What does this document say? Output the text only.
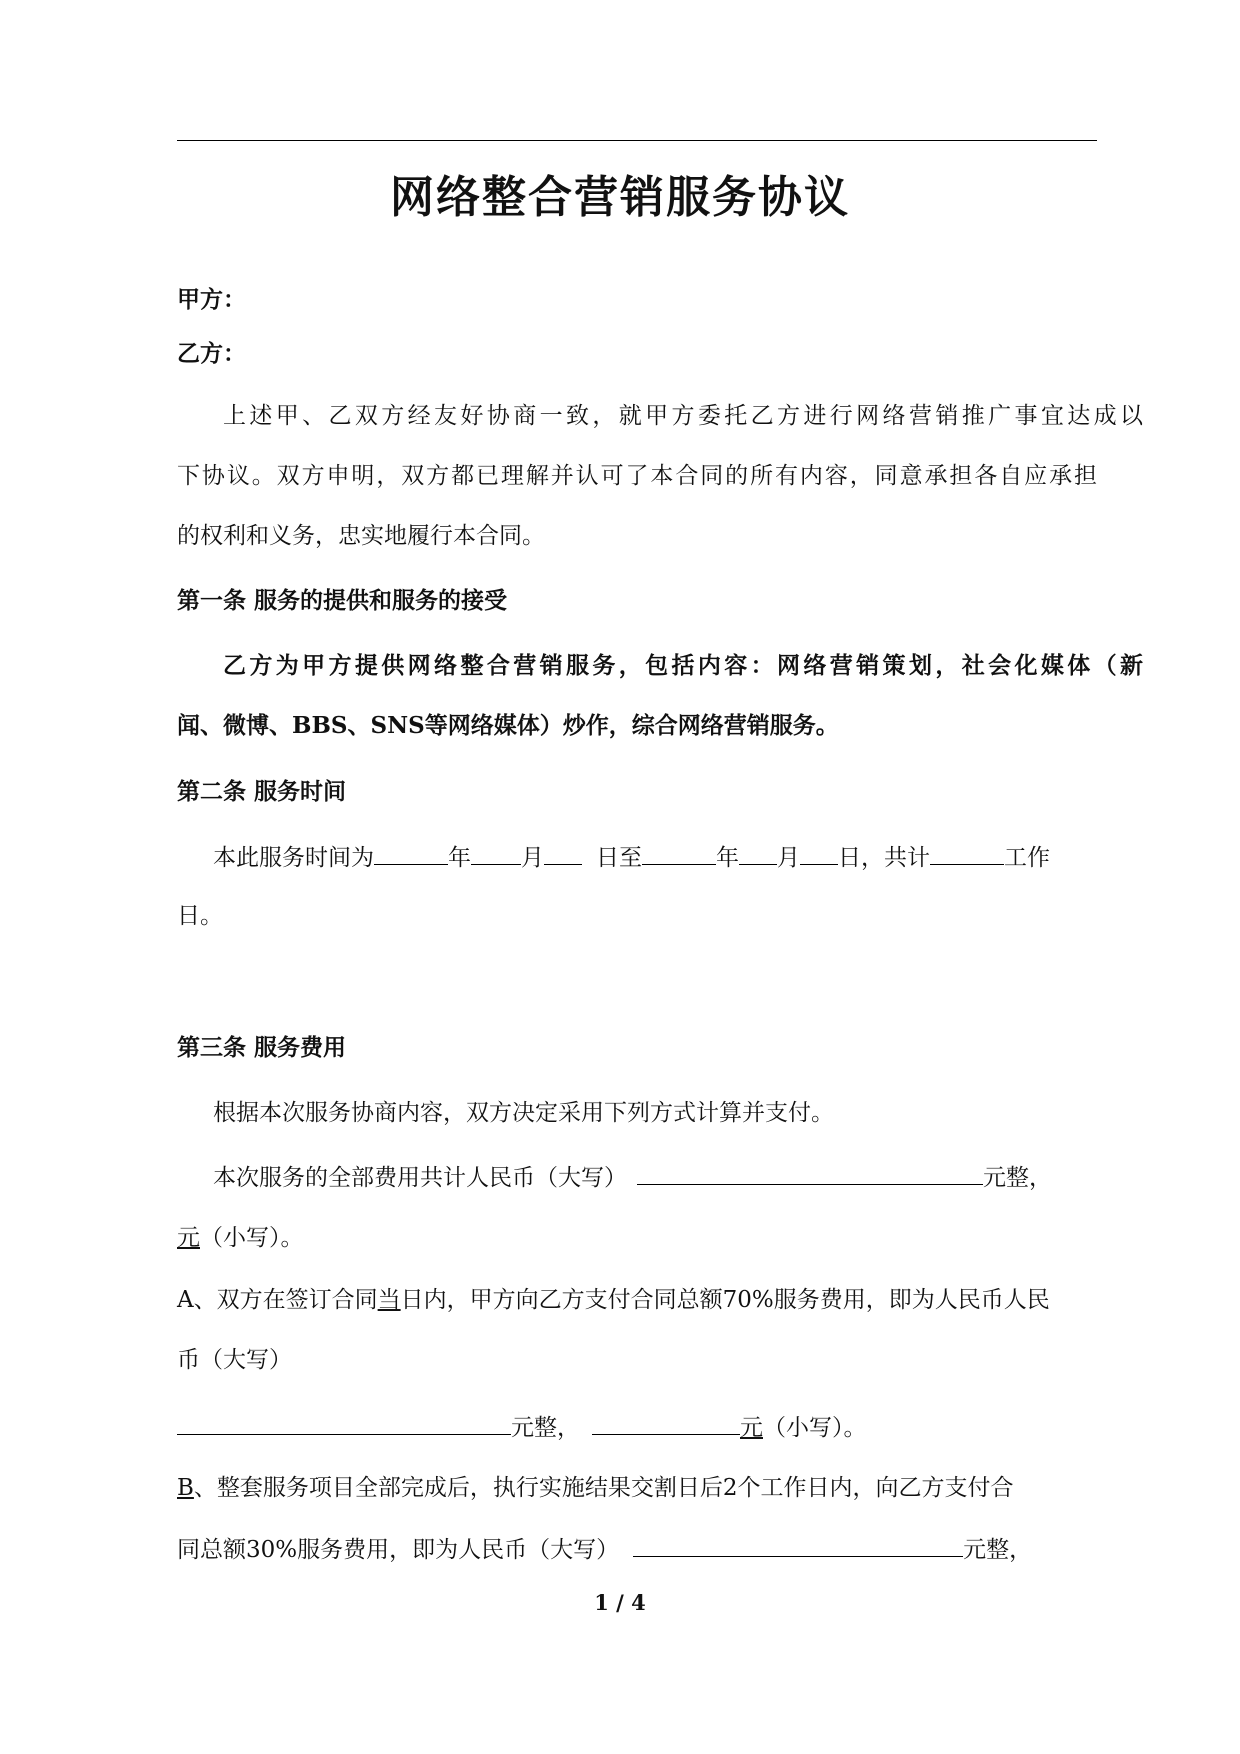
网络整合营销服务协议
甲方：
乙方：
上述甲、乙双方经友好协商一致，就甲方委托乙方进行网络营销推广事宜达成以
下协议。双方申明，双方都已理解并认可了本合同的所有内容，同意承担各自应承担
的权利和义务，忠实地履行本合同。
第一条 服务的提供和服务的接受
乙方为甲方提供网络整合营销服务，包括内容：网络营销策划，社会化媒体（新
闻、微博、BBS、SNS等网络媒体）炒作，综合网络营销服务。
第二条 服务时间
本此服务时间为	年 月 日至	年 月 日，共计	工作
日。
第三条 服务费用
根据本次服务协商内容，双方决定采用下列方式计算并支付。
本次服务的全部费用共计人民币（大写）	元整，
元（小写）。
A、双方在签订合同当日内，甲方向乙方支付合同总额70%服务费用，即为人民币人民
币（大写）
元整，	元（小写）。
B、整套服务项目全部完成后，执行实施结果交割日后2个工作日内，向乙方支付合
同总额30%服务费用，即为人民币（大写）	元整，
1 / 4
